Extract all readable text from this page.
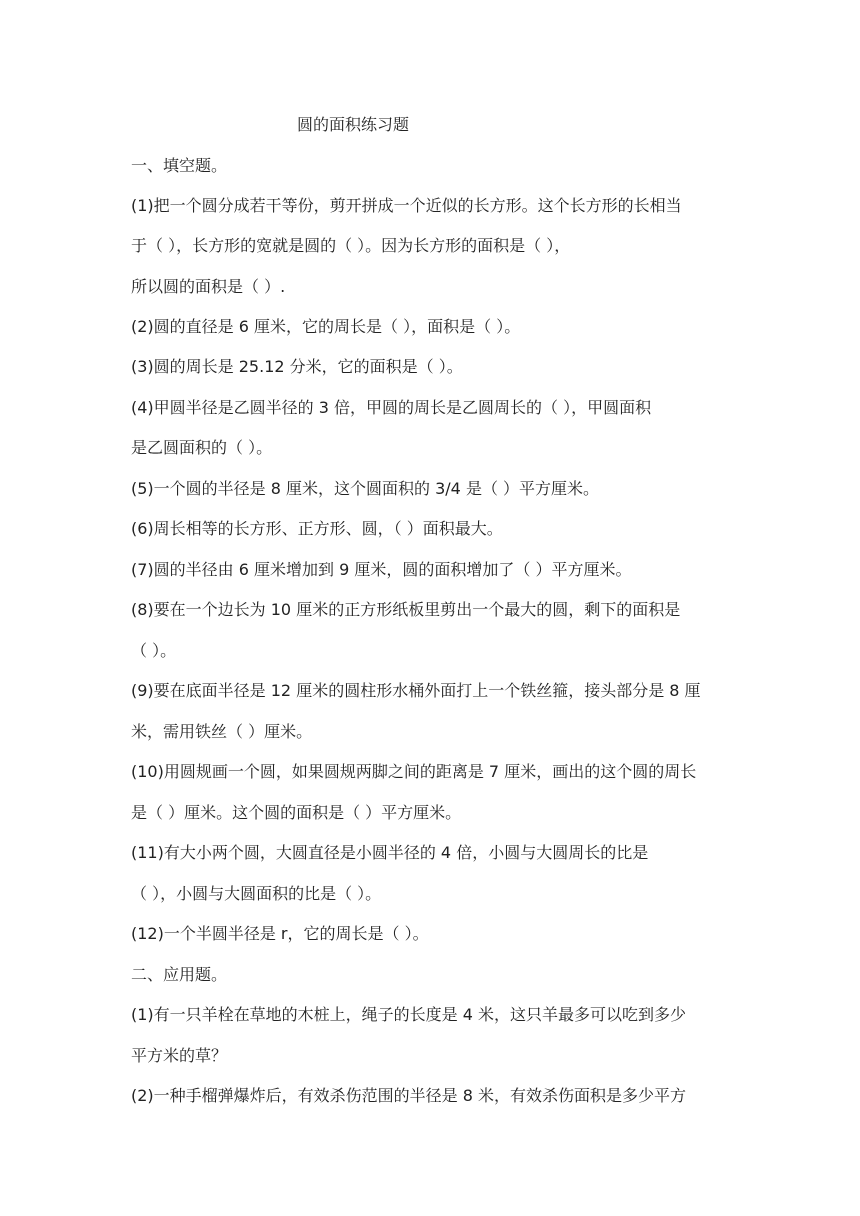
圆的面积练习题
一、填空题。
(1)把一个圆分成若干等份，剪开拼成一个近似的长方形。这个长方形的长相当
于（ ），长方形的宽就是圆的（ ）。因为长方形的面积是（ ），
所以圆的面积是（ ）.
(2)圆的直径是 6 厘米，它的周长是（ ），面积是（ ）。
(3)圆的周长是 25.12 分米，它的面积是（ ）。
(4)甲圆半径是乙圆半径的 3 倍，甲圆的周长是乙圆周长的（ ），甲圆面积
是乙圆面积的（ ）。
(5)一个圆的半径是 8 厘米，这个圆面积的 3/4 是（ ）平方厘米。
(6)周长相等的长方形、正方形、圆，（ ）面积最大。
(7)圆的半径由 6 厘米增加到 9 厘米，圆的面积增加了（ ）平方厘米。
(8)要在一个边长为 10 厘米的正方形纸板里剪出一个最大的圆，剩下的面积是
（ ）。
(9)要在底面半径是 12 厘米的圆柱形水桶外面打上一个铁丝箍，接头部分是 8 厘
米，需用铁丝（ ）厘米。
(10)用圆规画一个圆，如果圆规两脚之间的距离是 7 厘米，画出的这个圆的周长
是（ ）厘米。这个圆的面积是（ ）平方厘米。
(11)有大小两个圆，大圆直径是小圆半径的 4 倍，小圆与大圆周长的比是
（ ），小圆与大圆面积的比是（ ）。
(12)一个半圆半径是 r，它的周长是（ ）。
二、应用题。
(1)有一只羊栓在草地的木桩上，绳子的长度是 4 米，这只羊最多可以吃到多少
平方米的草？
(2)一种手榴弹爆炸后，有效杀伤范围的半径是 8 米，有效杀伤面积是多少平方
